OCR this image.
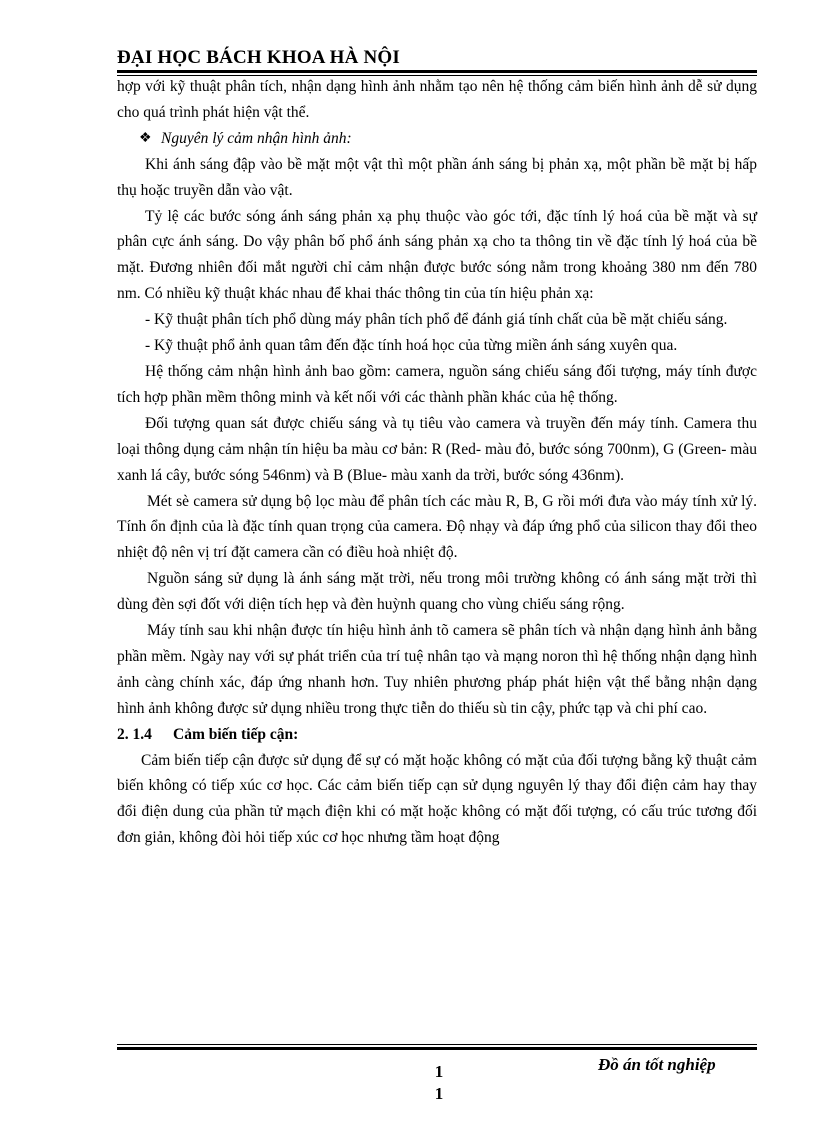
ĐẠI HỌC BÁCH KHOA HÀ NỘI

hợp với kỹ thuật phân tích, nhận dạng hình ảnh nhằm tạo nên hệ thống cảm biến hình ảnh dễ sử dụng cho quá trình phát hiện vật thể.

❖ Nguyên lý cảm nhận hình ảnh:

Khi ánh sáng đập vào bề mặt một vật thì một phần ánh sáng bị phản xạ, một phần bề mặt bị hấp thụ hoặc truyền dẫn vào vật.

Tỷ lệ các bước sóng ánh sáng phản xạ phụ thuộc vào góc tới, đặc tính lý hoá của bề mặt và sự phân cực ánh sáng. Do vậy phân bố phổ ánh sáng phản xạ cho ta thông tin về đặc tính lý hoá của bề mặt. Đương nhiên đối mắt người chỉ cảm nhận được bước sóng nằm trong khoảng 380 nm đến 780 nm. Có nhiều kỹ thuật khác nhau để khai thác thông tin của tín hiệu phản xạ:

- Kỹ thuật phân tích phổ dùng máy phân tích phổ để đánh giá tính chất của bề mặt chiếu sáng.

- Kỹ thuật phổ ảnh quan tâm đến đặc tính hoá học của từng miền ánh sáng xuyên qua.

Hệ thống cảm nhận hình ảnh bao gồm: camera, nguồn sáng chiếu sáng đối tượng, máy tính được tích hợp phần mềm thông minh và kết nối với các thành phần khác của hệ thống.

Đối tượng quan sát được chiếu sáng và tụ tiêu vào camera và truyền đến máy tính. Camera thu loại thông dụng cảm nhận tín hiệu ba màu cơ bản: R (Red- màu đỏ, bước sóng 700nm), G (Green- màu xanh lá cây, bước sóng 546nm) và B (Blue- màu xanh da trời, bước sóng 436nm).

Mét sè camera sử dụng bộ lọc màu để phân tích các màu R, B, G rồi mới đưa vào máy tính xử lý. Tính ổn định của là đặc tính quan trọng của camera. Độ nhạy và đáp ứng phổ của silicon thay đổi theo nhiệt độ nên vị trí đặt camera cần có điều hoà nhiệt độ.

Nguồn sáng sử dụng là ánh sáng mặt trời, nếu trong môi trường không có ánh sáng mặt trời thì dùng đèn sợi đốt với diện tích hẹp và đèn huỳnh quang cho vùng chiếu sáng rộng.

Máy tính sau khi nhận được tín hiệu hình ảnh tõ camera sẽ phân tích và nhận dạng hình ảnh bằng phần mềm. Ngày nay với sự phát triển của trí tuệ nhân tạo và mạng noron thì hệ thống nhận dạng hình ảnh càng chính xác, đáp ứng nhanh hơn. Tuy nhiên phương pháp phát hiện vật thể bằng nhận dạng hình ảnh không được sử dụng nhiều trong thực tiễn do thiếu sù tin cậy, phức tạp và chi phí cao.

2. 1.4	Cảm biến tiếp cận:

Cảm biến tiếp cận được sử dụng để sự có mặt hoặc không có mặt của đối tượng bằng kỹ thuật cảm biến không có tiếp xúc cơ học. Các cảm biến tiếp cạn sử dụng nguyên lý thay đổi điện cảm hay thay đổi điện dung của phần tử mạch điện khi có mặt hoặc không có mặt đối tượng, có cấu trúc tương đối đơn giản, không đòi hỏi tiếp xúc cơ học nhưng tầm hoạt động

Đồ án tốt nghiệp
1
1
